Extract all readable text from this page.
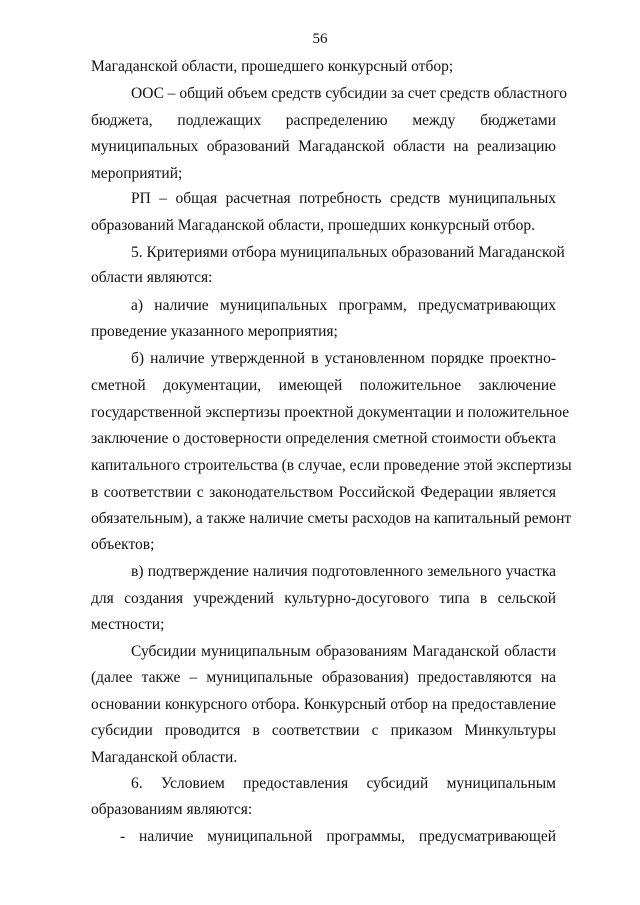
56
Магаданской области, прошедшего конкурсный отбор;
ООС – общий объем средств субсидии за счет средств областного
бюджета, подлежащих распределению между бюджетами
муниципальных образований Магаданской области на реализацию
мероприятий;
РП – общая расчетная потребность средств муниципальных
образований Магаданской области, прошедших конкурсный отбор.
5. Критериями отбора муниципальных образований Магаданской
области являются:
а) наличие муниципальных программ, предусматривающих
проведение указанного мероприятия;
б) наличие утвержденной в установленном порядке проектно-
сметной документации, имеющей положительное заключение
государственной экспертизы проектной документации и положительное
заключение о достоверности определения сметной стоимости объекта
капитального строительства (в случае, если проведение этой экспертизы
в соответствии с законодательством Российской Федерации является
обязательным), а также наличие сметы расходов на капитальный ремонт
объектов;
в) подтверждение наличия подготовленного земельного участка
для создания учреждений культурно-досугового типа в сельской
местности;
Субсидии муниципальным образованиям Магаданской области
(далее также – муниципальные образования) предоставляются на
основании конкурсного отбора. Конкурсный отбор на предоставление
субсидии проводится в соответствии с приказом Минкультуры
Магаданской области.
6. Условием предоставления субсидий муниципальным
образованиям являются:
- наличие муниципальной программы, предусматривающей
